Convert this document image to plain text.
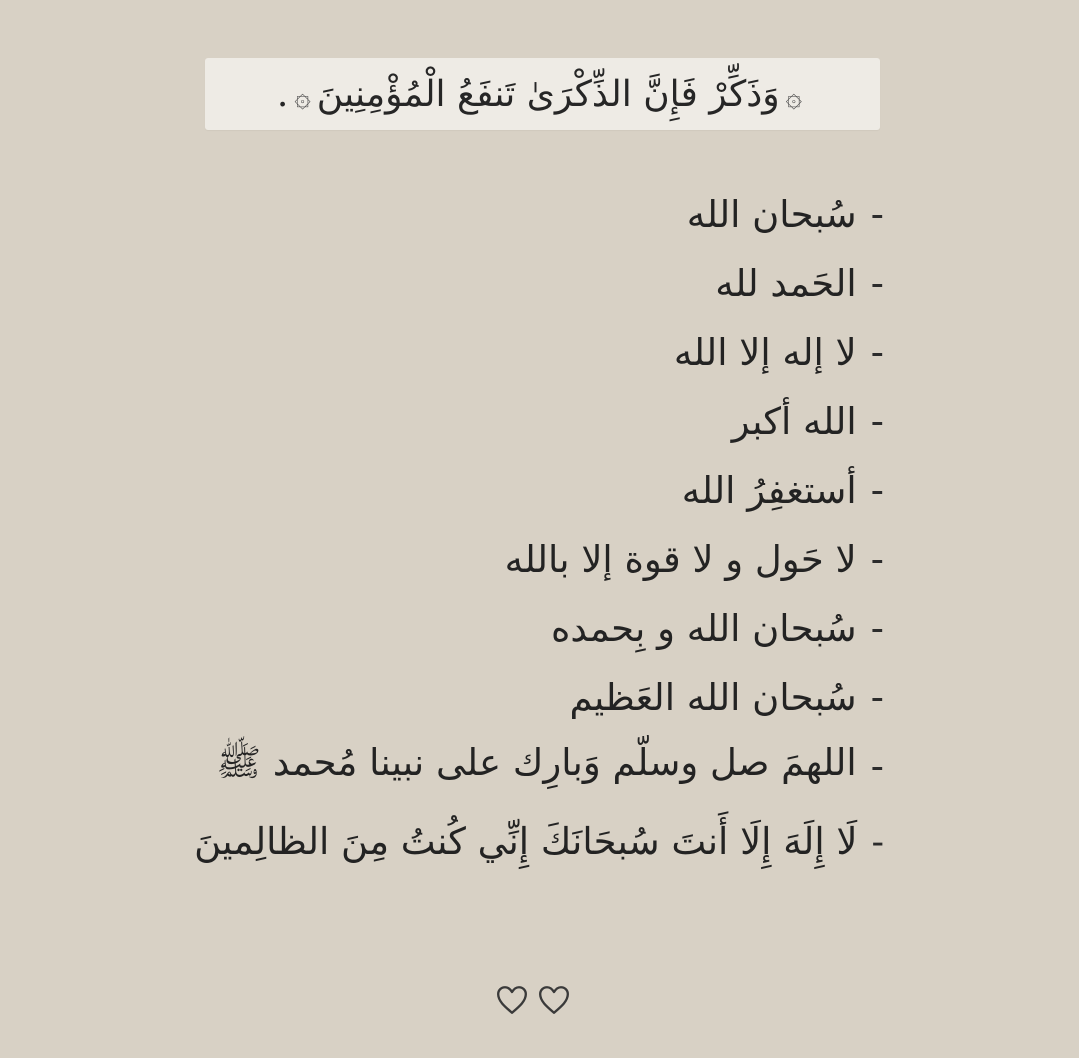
۞وَذَكِّرْ فَإِنَّ الذِّكْرَىٰ تَنفَعُ الْمُؤْمِنِينَ۞.
-
سُبحان الله
-
الحَمد لله
-
لا إله إلا الله
-
الله أكبر
-
أستغفِرُ الله
-
لا حَول و لا قوة إلا بالله
-
سُبحان الله و بِحمده
-
سُبحان الله العَظيم
-
اللهمَ صل وسلّم وَبارِك على نبينا مُحمد ﷺ
-
لَا إِلَهَ إِلَا أَنتَ سُبحَانَكَ إِنِّي كُنتُ مِنَ الظالِمينَ
